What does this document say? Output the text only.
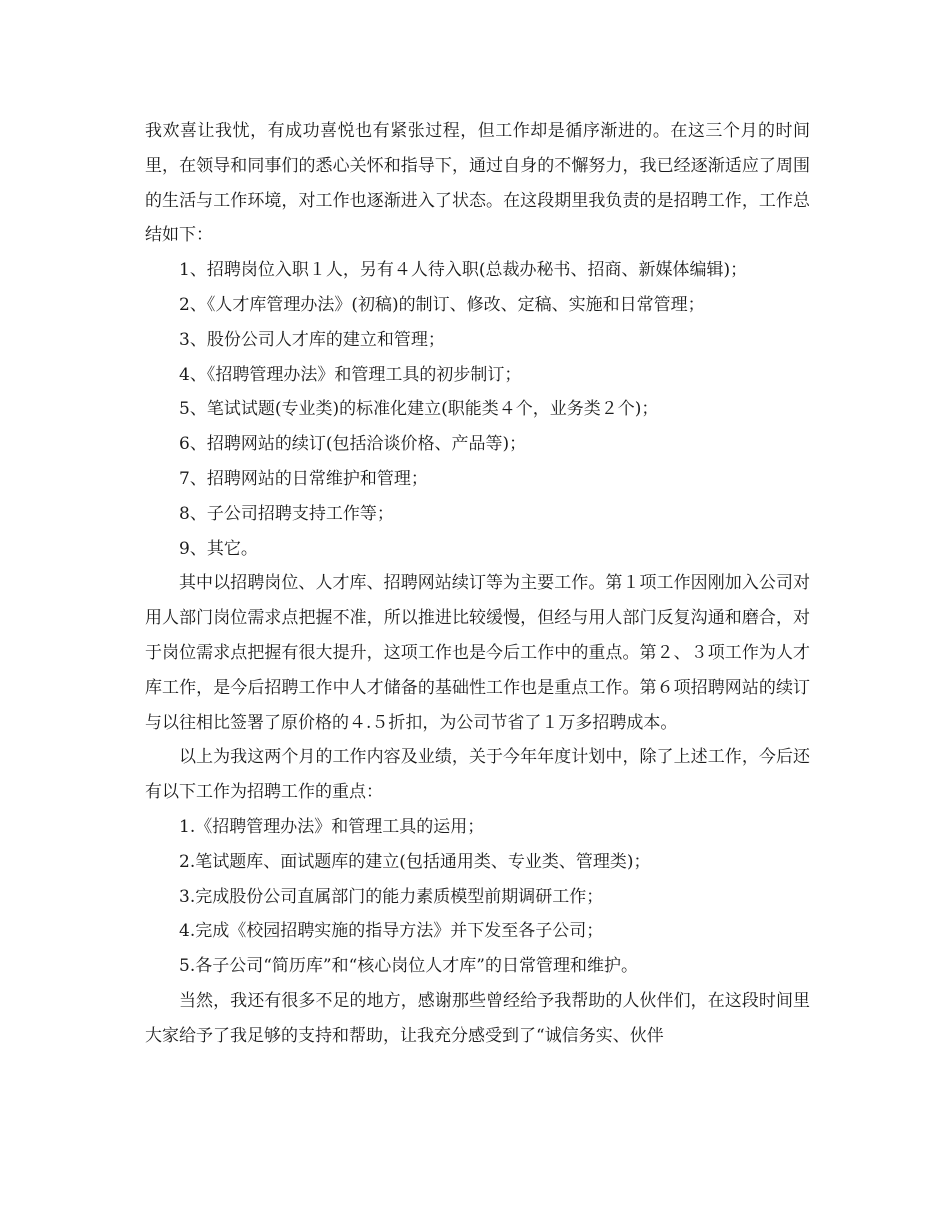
我欢喜让我忧，有成功喜悦也有紧张过程，但工作却是循序渐进的。在这三个月的时间里，在领导和同事们的悉心关怀和指导下，通过自身的不懈努力，我已经逐渐适应了周围的生活与工作环境，对工作也逐渐进入了状态。在这段期里我负责的是招聘工作，工作总结如下：

1、招聘岗位入职１人，另有４人待入职(总裁办秘书、招商、新媒体编辑)；

2、《人才库管理办法》(初稿)的制订、修改、定稿、实施和日常管理；

3、股份公司人才库的建立和管理；

4、《招聘管理办法》和管理工具的初步制订；

5、笔试试题(专业类)的标准化建立(职能类４个，业务类２个)；

6、招聘网站的续订(包括洽谈价格、产品等)；

7、招聘网站的日常维护和管理；

8、子公司招聘支持工作等；

9、其它。

其中以招聘岗位、人才库、招聘网站续订等为主要工作。第１项工作因刚加入公司对用人部门岗位需求点把握不准，所以推进比较缓慢，但经与用人部门反复沟通和磨合，对于岗位需求点把握有很大提升，这项工作也是今后工作中的重点。第２、３项工作为人才库工作，是今后招聘工作中人才储备的基础性工作也是重点工作。第６项招聘网站的续订与以往相比签署了原价格的４.５折扣，为公司节省了１万多招聘成本。

以上为我这两个月的工作内容及业绩，关于今年年度计划中，除了上述工作，今后还有以下工作为招聘工作的重点：

1.《招聘管理办法》和管理工具的运用；

2.笔试题库、面试题库的建立(包括通用类、专业类、管理类)；

3.完成股份公司直属部门的能力素质模型前期调研工作；

4.完成《校园招聘实施的指导方法》并下发至各子公司；

5.各子公司“简历库”和“核心岗位人才库”的日常管理和维护。

当然，我还有很多不足的地方，感谢那些曾经给予我帮助的人伙伴们，在这段时间里大家给予了我足够的支持和帮助，让我充分感受到了“诚信务实、伙伴
